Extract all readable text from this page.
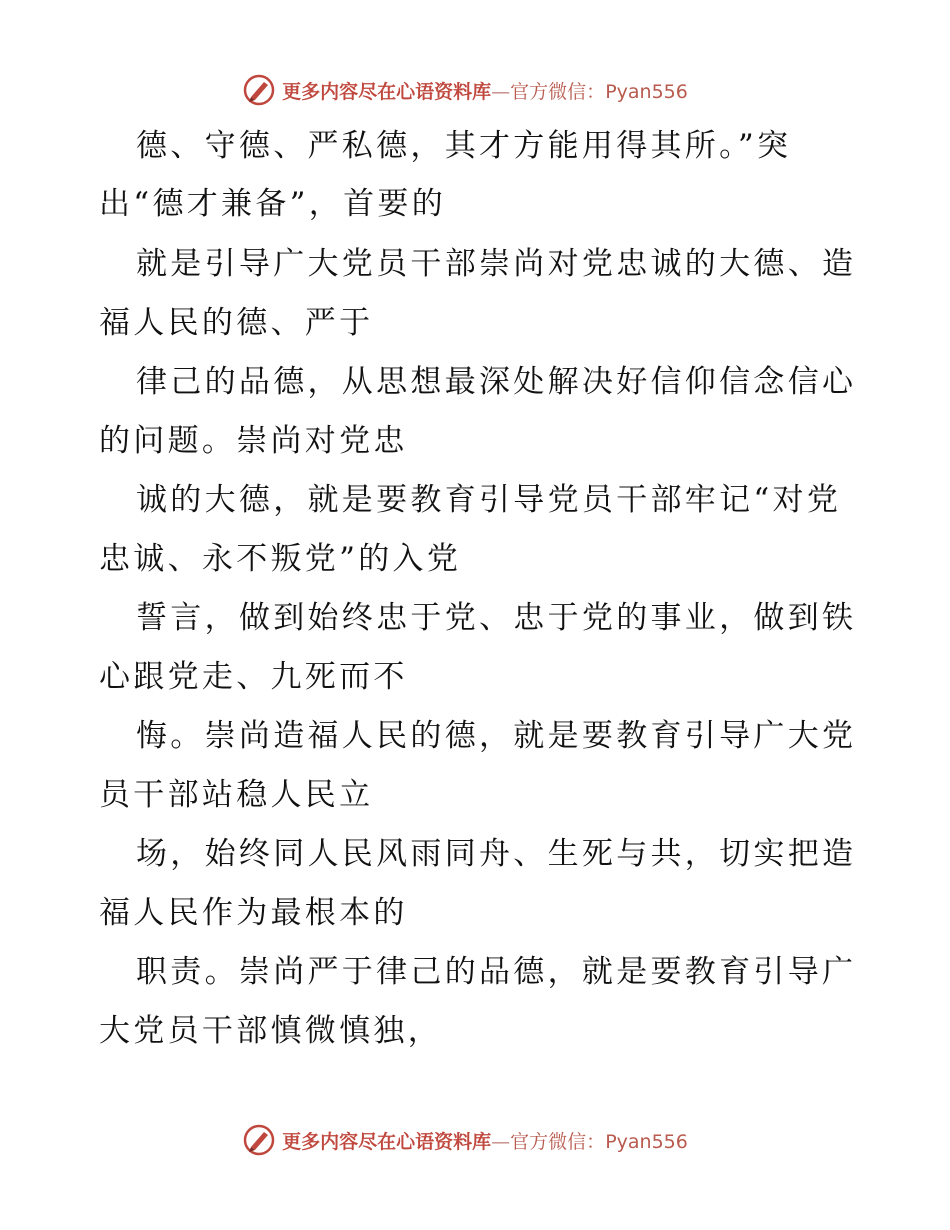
更多内容尽在心语资料库—官方微信：Pyan556
德、守德、严私德，其才方能用得其所。”突
出“德才兼备”，首要的
就是引导广大党员干部崇尚对党忠诚的大德、造
福人民的德、严于
律己的品德，从思想最深处解决好信仰信念信心
的问题。崇尚对党忠
诚的大德，就是要教育引导党员干部牢记“对党
忠诚、永不叛党”的入党
誓言，做到始终忠于党、忠于党的事业，做到铁
心跟党走、九死而不
悔。崇尚造福人民的德，就是要教育引导广大党
员干部站稳人民立
场，始终同人民风雨同舟、生死与共，切实把造
福人民作为最根本的
职责。崇尚严于律己的品德，就是要教育引导广
大党员干部慎微慎独，
更多内容尽在心语资料库—官方微信：Pyan556
